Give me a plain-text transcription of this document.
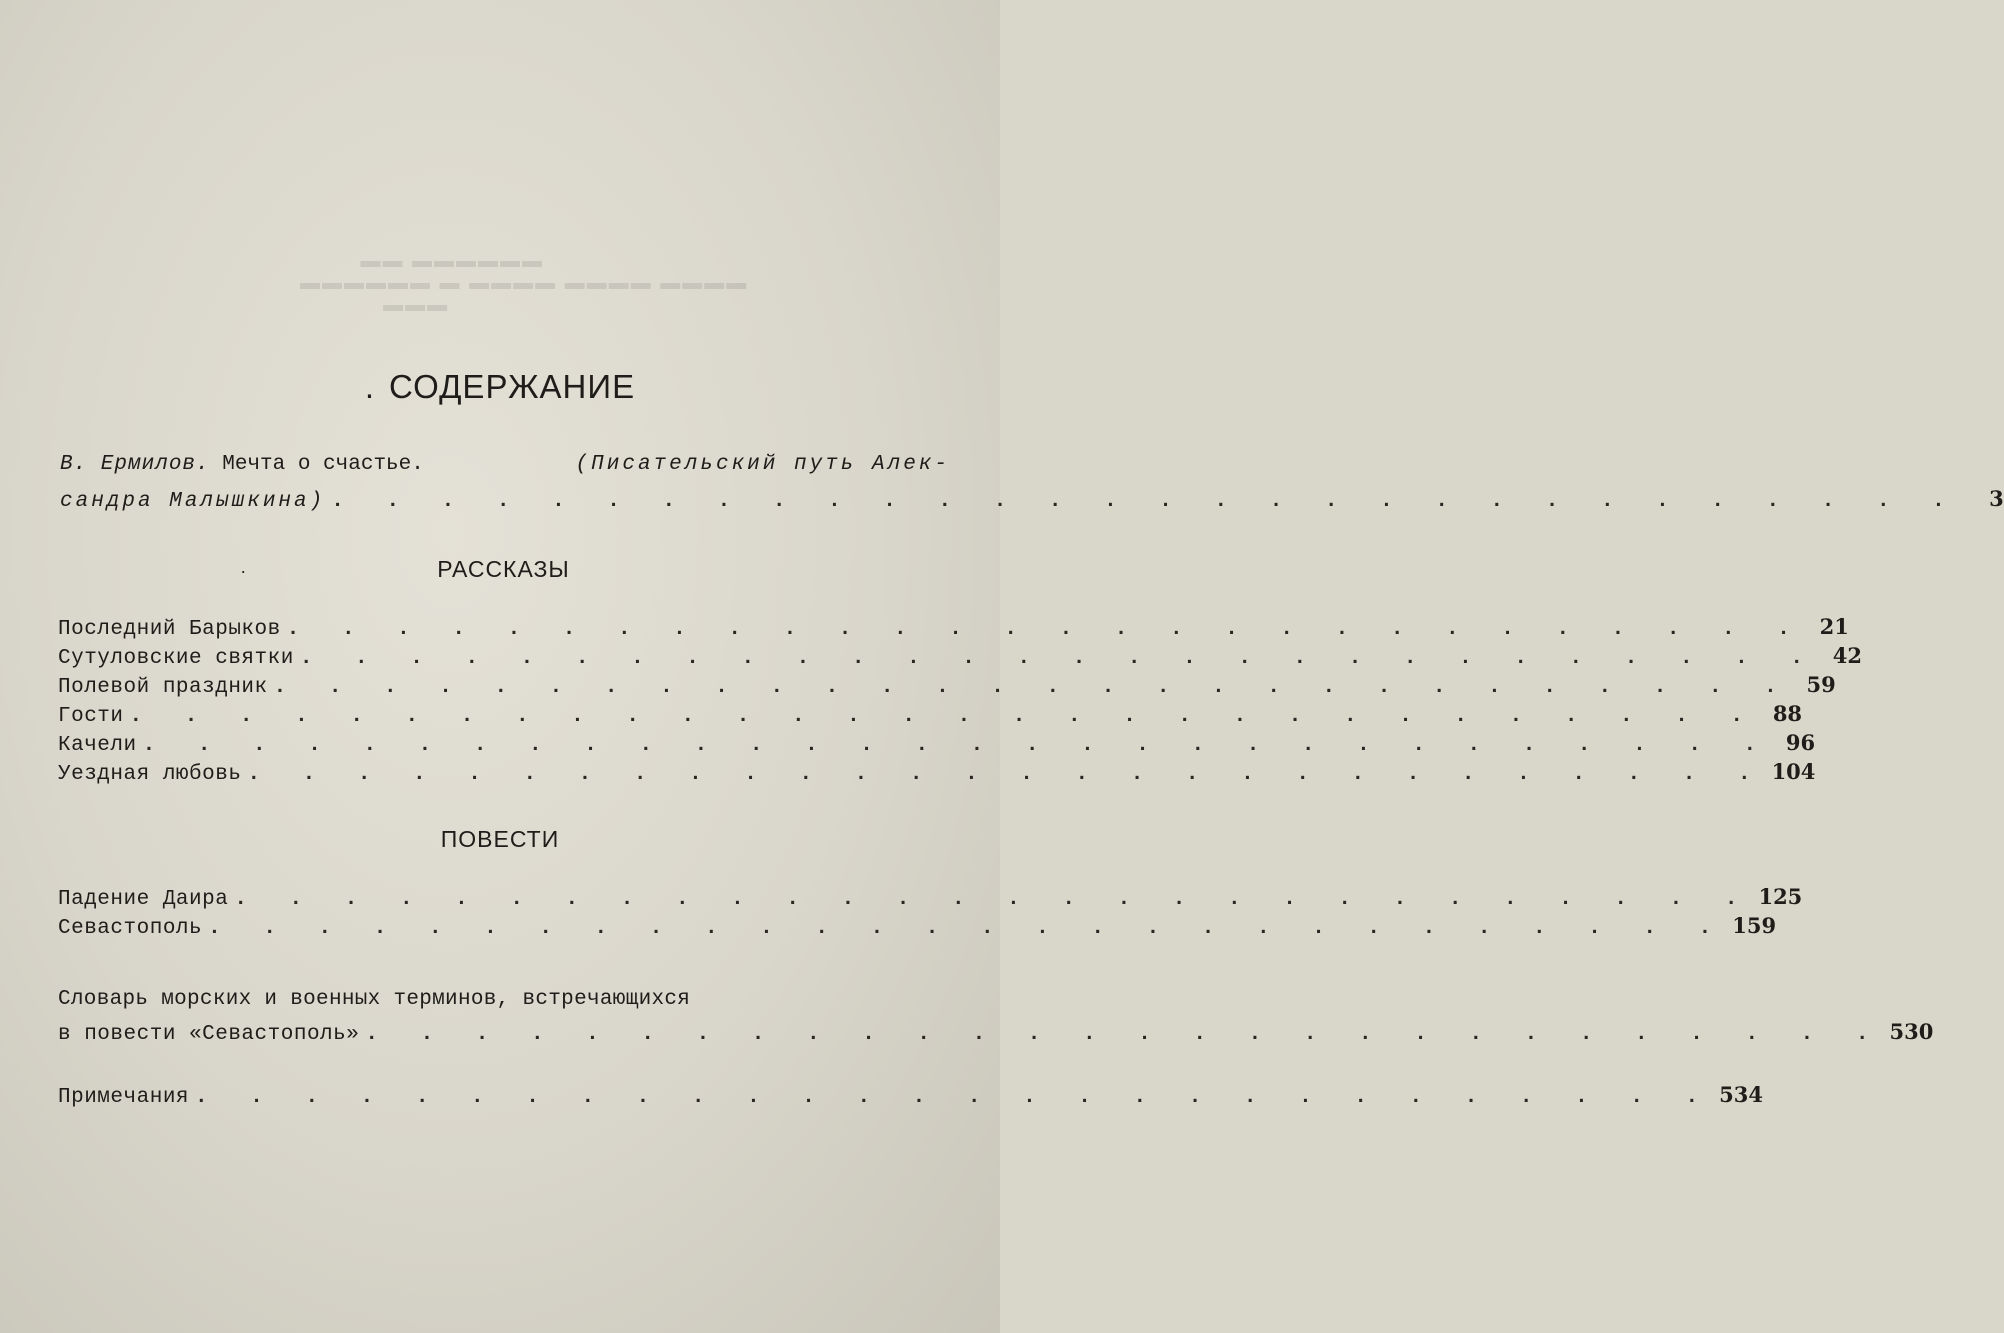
▬▬ ▬▬▬▬▬▬
▬▬▬▬▬▬ ▬ ▬▬▬▬ ▬▬▬▬ ▬▬▬▬
▬▬▬
. СОДЕРЖАНИЕ
В. Ермилов. Мечта о счастье.	(Писательский путь Алек-
сандра Малышкина) . . . . . . . . . . . . . . . . . . . . . . . . . . . . . .	3
·	РАССКАЗЫ
Последний Барыков . . . . . . . . . . . . . . . . . . . . . . . . . . . . 21
Сутуловские святки . . . . . . . . . . . . . . . . . . . . . . . . . . . . 42
Полевой праздник . . . . . . . . . . . . . . . . . . . . . . . . . . . . 59
Гости . . . . . . . . . . . . . . . . . . . . . . . . . . . . . . 88
Качели . . . . . . . . . . . . . . . . . . . . . . . . . . . . . . 96
Уездная любовь . . . . . . . . . . . . . . . . . . . . . . . . . . . . 104
ПОВЕСТИ
Падение Даира . . . . . . . . . . . . . . . . . . . . . . . . . . . . 125
Севастополь . . . . . . . . . . . . . . . . . . . . . . . . . . . . 159
Словарь морских и военных терминов, встречающихся
в повести «Севастополь» . . . . . . . . . . . . . . . . . . . . . . . . . . . . 530
Примечания . . . . . . . . . . . . . . . . . . . . . . . . . . . . 534
